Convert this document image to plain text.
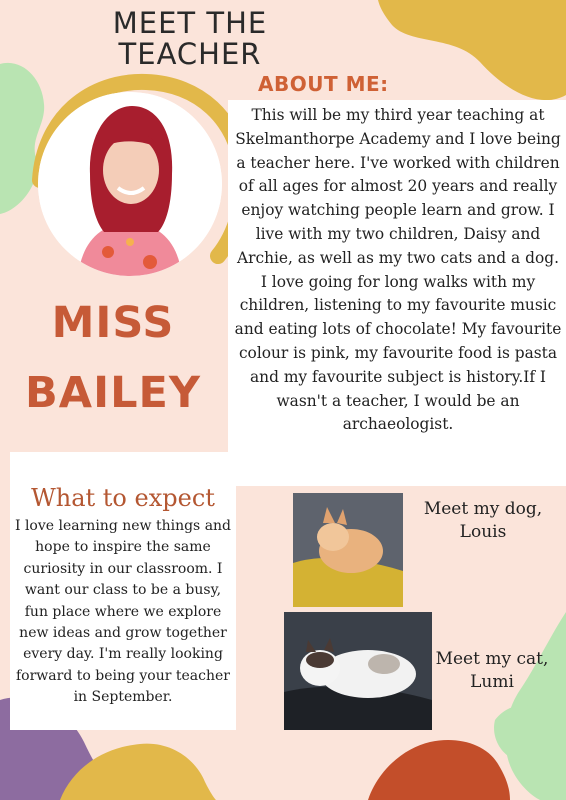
MEET THE
TEACHER
MISS
BAILEY
ABOUT ME:
This will be my third year teaching at Skelmanthorpe Academy and I love being a teacher here. I've worked with children of all ages for almost 20 years and really enjoy watching people learn and grow. I live with my two children, Daisy and Archie, as well as my two cats and a dog. I love going for long walks with my children, listening to my favourite music and eating lots of chocolate! My favourite colour is pink, my favourite food is pasta and my favourite subject is history.If I wasn't a teacher, I would be an archaeologist.
What to expect
I love learning new things and hope to inspire the same curiosity in our classroom. I want our class to be a busy, fun place where we explore new ideas and grow together every day. I'm really looking forward to being your teacher in September.
Meet my dog, Louis
Meet my cat, Lumi
